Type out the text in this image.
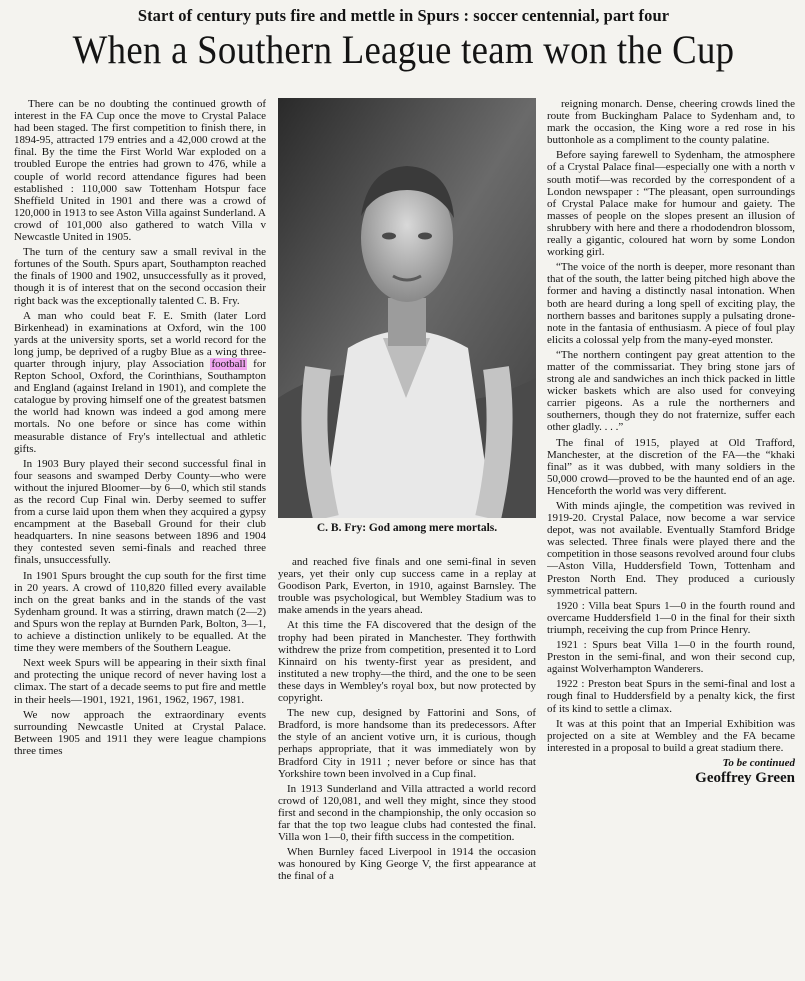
Start of century puts fire and mettle in Spurs : soccer centennial, part four
When a Southern League team won the Cup

There can be no doubting the continued growth of interest in the FA Cup once the move to Crystal Palace had been staged. The first competition to finish there, in 1894-95, attracted 179 entries and a 42,000 crowd at the final. By the time the First World War exploded on a troubled Europe the entries had grown to 476, while a couple of world record attendance figures had been established : 110,000 saw Tottenham Hotspur face Sheffield United in 1901 and there was a crowd of 120,000 in 1913 to see Aston Villa against Sunderland. A crowd of 101,000 also gathered to watch Villa v Newcastle United in 1905.

The turn of the century saw a small revival in the fortunes of the South. Spurs apart, Southampton reached the finals of 1900 and 1902, unsuccessfully as it proved, though it is of interest that on the second occasion their right back was the exceptionally talented C. B. Fry.

A man who could beat F. E. Smith (later Lord Birkenhead) in examinations at Oxford, win the 100 yards at the university sports, set a world record for the long jump, be deprived of a rugby Blue as a wing three-quarter through injury, play Association football for Repton School, Oxford, the Corinthians, Southampton and England (against Ireland in 1901), and complete the catalogue by proving himself one of the greatest batsmen the world had known was indeed a god among mere mortals. No one before or since has come within measurable distance of Fry's intellectual and athletic gifts.

In 1903 Bury played their second successful final in four seasons and swamped Derby County—who were without the injured Bloomer—by 6—0, which stil stands as the record Cup Final win. Derby seemed to suffer from a curse laid upon them when they acquired a gypsy encampment at the Baseball Ground for their club headquarters. In nine seasons between 1896 and 1904 they contested seven semi-finals and reached three finals, unsuccessfully.

In 1901 Spurs brought the cup south for the first time in 20 years. A crowd of 110,820 filled every available inch on the great banks and in the stands of the vast Sydenham ground. It was a stirring, drawn match (2—2) and Spurs won the replay at Burnden Park, Bolton, 3—1, to achieve a distinction unlikely to be equalled. At the time they were members of the Southern League.

Next week Spurs will be appearing in their sixth final and protecting the unique record of never having lost a climax. The start of a decade seems to put fire and mettle in their heels—1901, 1921, 1961, 1962, 1967, 1981.

We now approach the extraordinary events surrounding Newcastle United at Crystal Palace. Between 1905 and 1911 they were league champions three times

C. B. Fry: God among mere mortals.

and reached five finals and one semi-final in seven years, yet their only cup success came in a replay at Goodison Park, Everton, in 1910, against Barnsley. The trouble was psychological, but Wembley Stadium was to make amends in the years ahead.

At this time the FA discovered that the design of the trophy had been pirated in Manchester. They forthwith withdrew the prize from competition, presented it to Lord Kinnaird on his twenty-first year as president, and instituted a new trophy—the third, and the one to be seen these days in Wembley's royal box, but now protected by copyright.

The new cup, designed by Fattorini and Sons, of Bradford, is more handsome than its predecessors. After the style of an ancient votive urn, it is curious, though perhaps appropriate, that it was immediately won by Bradford City in 1911 ; never before or since has that Yorkshire town been involved in a Cup final.

In 1913 Sunderland and Villa attracted a world record crowd of 120,081, and well they might, since they stood first and second in the championship, the only occasion so far that the top two league clubs had contested the final. Villa won 1—0, their fifth success in the competition.

When Burnley faced Liverpool in 1914 the occasion was honoured by King George V, the first appearance at the final of a

reigning monarch. Dense, cheering crowds lined the route from Buckingham Palace to Sydenham and, to mark the occasion, the King wore a red rose in his buttonhole as a compliment to the county palatine.

Before saying farewell to Sydenham, the atmosphere of a Crystal Palace final—especially one with a north v south motif—was recorded by the correspondent of a London newspaper : “The pleasant, open surroundings of Crystal Palace make for humour and gaiety. The masses of people on the slopes present an illusion of shrubbery with here and there a rhododendron blossom, really a gigantic, coloured hat worn by some London working girl.

“The voice of the north is deeper, more resonant than that of the south, the latter being pitched high above the former and having a distinctly nasal intonation. When both are heard during a long spell of exciting play, the northern basses and baritones supply a pulsating drone-note in the fantasia of enthusiasm. A piece of foul play elicits a colossal yelp from the many-eyed monster.

“The northern contingent pay great attention to the matter of the commissariat. They bring stone jars of strong ale and sandwiches an inch thick packed in little wicker baskets which are also used for conveying carrier pigeons. As a rule the northerners and southerners, though they do not fraternize, suffer each other gladly. . . .”

The final of 1915, played at Old Trafford, Manchester, at the discretion of the FA—the “khaki final” as it was dubbed, with many soldiers in the 50,000 crowd—proved to be the haunted end of an age. Henceforth the world was very different.

With minds ajingle, the competition was revived in 1919-20. Crystal Palace, now become a war service depot, was not available. Eventually Stamford Bridge was selected. Three finals were played there and the competition in those seasons revolved around four clubs—Aston Villa, Huddersfield Town, Tottenham and Preston North End. They produced a curiously symmetrical pattern.

1920 : Villa beat Spurs 1—0 in the fourth round and overcame Huddersfield 1—0 in the final for their sixth triumph, receiving the cup from Prince Henry.

1921 : Spurs beat Villa 1—0 in the fourth round, Preston in the semi-final, and won their second cup, against Wolverhampton Wanderers.

1922 : Preston beat Spurs in the semi-final and lost a rough final to Huddersfield by a penalty kick, the first of its kind to settle a climax.

It was at this point that an Imperial Exhibition was projected on a site at Wembley and the FA became interested in a proposal to build a great stadium there.

To be continued

Geoffrey Green
